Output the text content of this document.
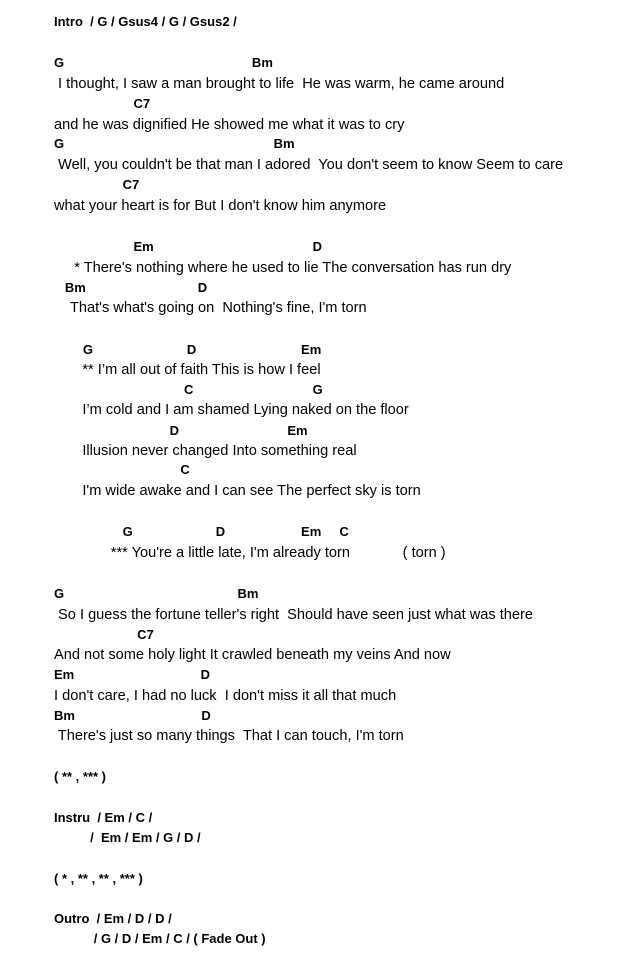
Intro  / G / Gsus4 / G / Gsus2 /
G                                                    Bm
I thought, I saw a man brought to life  He was warm, he came around
C7
and he was dignified He showed me what it was to cry
G                                                          Bm
Well, you couldn't be that man I adored  You don't seem to know Seem to care
C7
what your heart is for But I don't know him anymore
Em                                            D
* There's nothing where he used to lie The conversation has run dry
Bm                               D
That's what's going on  Nothing's fine, I'm torn
G                          D                             Em
** I’m all out of faith This is how I feel
C                                 G
I’m cold and I am shamed Lying naked on the floor
D                              Em
Illusion never changed Into something real
C
I'm wide awake and I can see The perfect sky is torn
G                       D                     Em     C
*** You're a little late, I'm already torn             ( torn )
G                                                Bm
So I guess the fortune teller's right  Should have seen just what was there
C7
And not some holy light It crawled beneath my veins And now
Em                                   D
I don't care, I had no luck  I don't miss it all that much
Bm                                   D
There's just so many things  That I can touch, I'm torn
( ** , *** )
Instru  / Em / C /
/  Em / Em / G / D /
( * , ** , ** , *** )
Outro  / Em / D / D /
/ G / D / Em / C / ( Fade Out )
